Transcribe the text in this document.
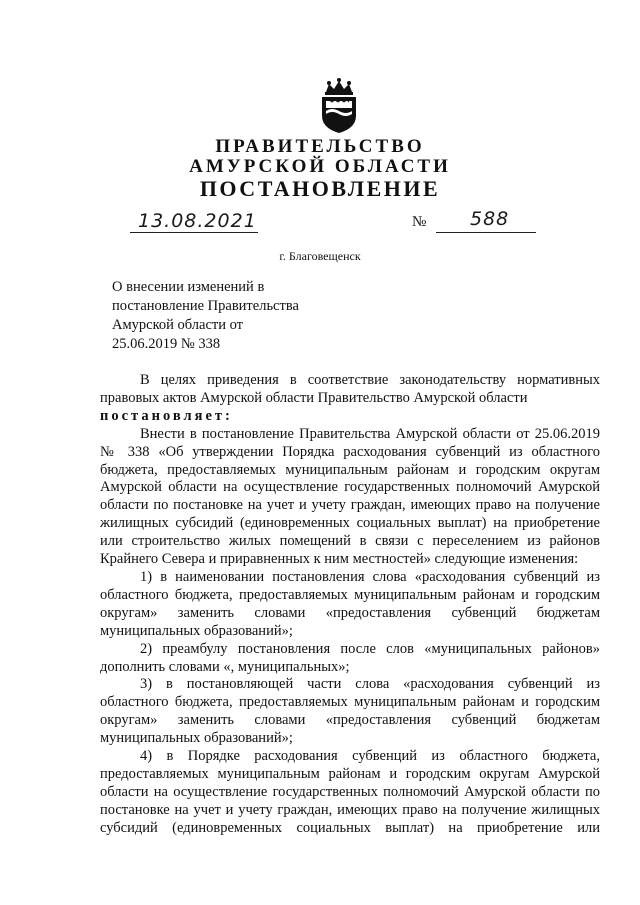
ПРАВИТЕЛЬСТВО
АМУРСКОЙ ОБЛАСТИ
ПОСТАНОВЛЕНИЕ
13.08.2021	№ 588
г. Благовещенск
О внесении изменений в
постановление Правительства
Амурской области от
25.06.2019 № 338
В целях приведения в соответствие законодательству нормативных
правовых актов Амурской области Правительство Амурской области
постановляет:
Внести в постановление Правительства Амурской области от 25.06.2019
№ 338 «Об утверждении Порядка расходования субвенций из областного
бюджета, предоставляемых муниципальным районам и городским округам
Амурской области на осуществление государственных полномочий Амурской
области по постановке на учет и учету граждан, имеющих право на получение
жилищных субсидий (единовременных социальных выплат) на приобретение
или строительство жилых помещений в связи с переселением из районов
Крайнего Севера и приравненных к ним местностей» следующие изменения:
1) в наименовании постановления слова «расходования субвенций из
областного бюджета, предоставляемых муниципальным районам и городским
округам» заменить словами «предоставления субвенций бюджетам
муниципальных образований»;
2) преамбулу постановления после слов «муниципальных районов»
дополнить словами «, муниципальных»;
3) в постановляющей части слова «расходования субвенций из
областного бюджета, предоставляемых муниципальным районам и городским
округам» заменить словами «предоставления субвенций бюджетам
муниципальных образований»;
4) в Порядке расходования субвенций из областного бюджета,
предоставляемых муниципальным районам и городским округам Амурской
области на осуществление государственных полномочий Амурской области по
постановке на учет и учету граждан, имеющих право на получение жилищных
субсидий (единовременных социальных выплат) на приобретение или
